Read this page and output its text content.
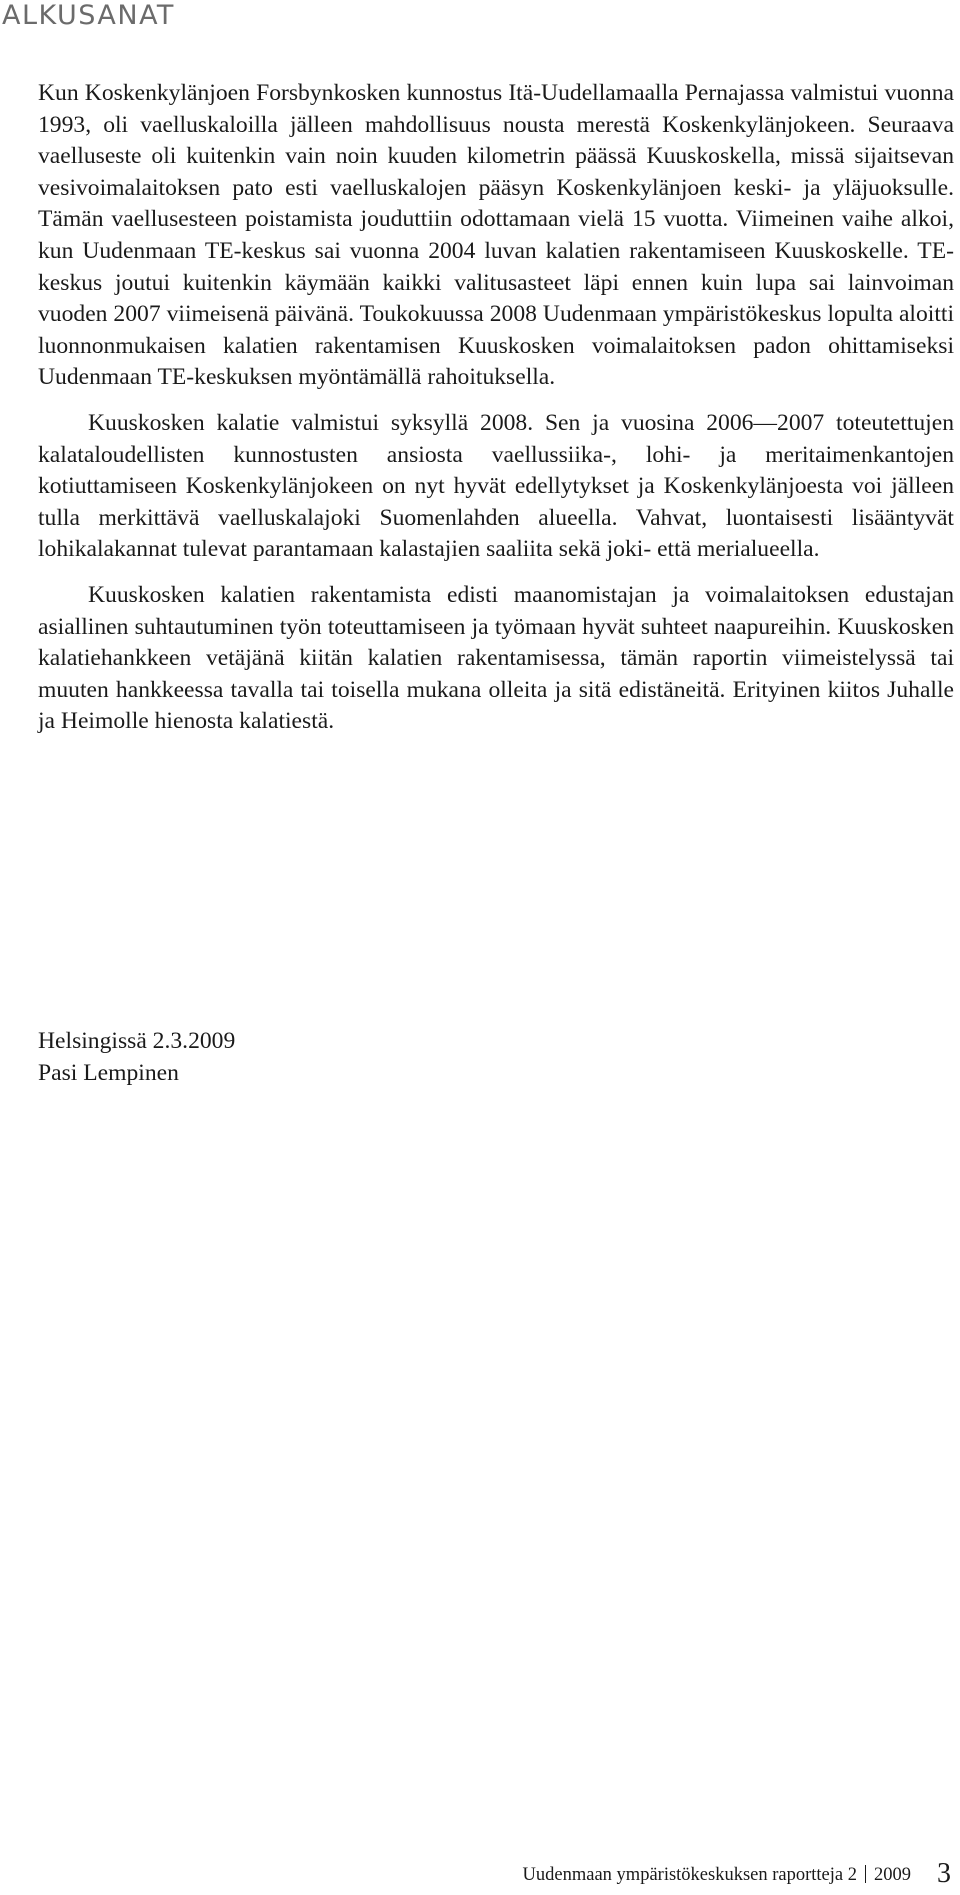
ALKUSANAT

Kun Koskenkylänjoen Forsbynkosken kunnostus Itä-Uudellamaalla Pernajassa valmistui vuonna 1993, oli vaelluskaloilla jälleen mahdollisuus nousta merestä Koskenkylänjokeen. Seuraava vaelluseste oli kuitenkin vain noin kuuden kilometrin päässä Kuuskoskella, missä sijaitsevan vesivoimalaitoksen pato esti vaelluskalojen pääsyn Koskenkylänjoen keski- ja yläjuoksulle. Tämän vaellusesteen poistamista jouduttiin odottamaan vielä 15 vuotta. Viimeinen vaihe alkoi, kun Uudenmaan TE-keskus sai vuonna 2004 luvan kalatien rakentamiseen Kuuskoskelle. TE-keskus joutui kuitenkin käymään kaikki valitusasteet läpi ennen kuin lupa sai lainvoiman vuoden 2007 viimeisenä päivänä. Toukokuussa 2008 Uudenmaan ympäristökeskus lopulta aloitti luonnonmukaisen kalatien rakentamisen Kuuskosken voimalaitoksen padon ohittamiseksi Uudenmaan TE-keskuksen myöntämällä rahoituksella.

Kuuskosken kalatie valmistui syksyllä 2008. Sen ja vuosina 2006—2007 toteutettujen kalataloudellisten kunnostusten ansiosta vaellussiika-, lohi- ja meritaimenkantojen kotiuttamiseen Koskenkylänjokeen on nyt hyvät edellytykset ja Koskenkylänjoesta voi jälleen tulla merkittävä vaelluskalajoki Suomenlahden alueella. Vahvat, luontaisesti lisääntyvät lohikalakannat tulevat parantamaan kalastajien saaliita sekä joki- että merialueella.

Kuuskosken kalatien rakentamista edisti maanomistajan ja voimalaitoksen edustajan asiallinen suhtautuminen työn toteuttamiseen ja työmaan hyvät suhteet naapureihin. Kuuskosken kalatiehankkeen vetäjänä kiitän kalatien rakentamisessa, tämän raportin viimeistelyssä tai muuten hankkeessa tavalla tai toisella mukana olleita ja sitä edistäneitä. Erityinen kiitos Juhalle ja Heimolle hienosta kalatiestä.

Helsingissä 2.3.2009
Pasi Lempinen
Uudenmaan ympäristökeskuksen raportteja 2 2009 3
